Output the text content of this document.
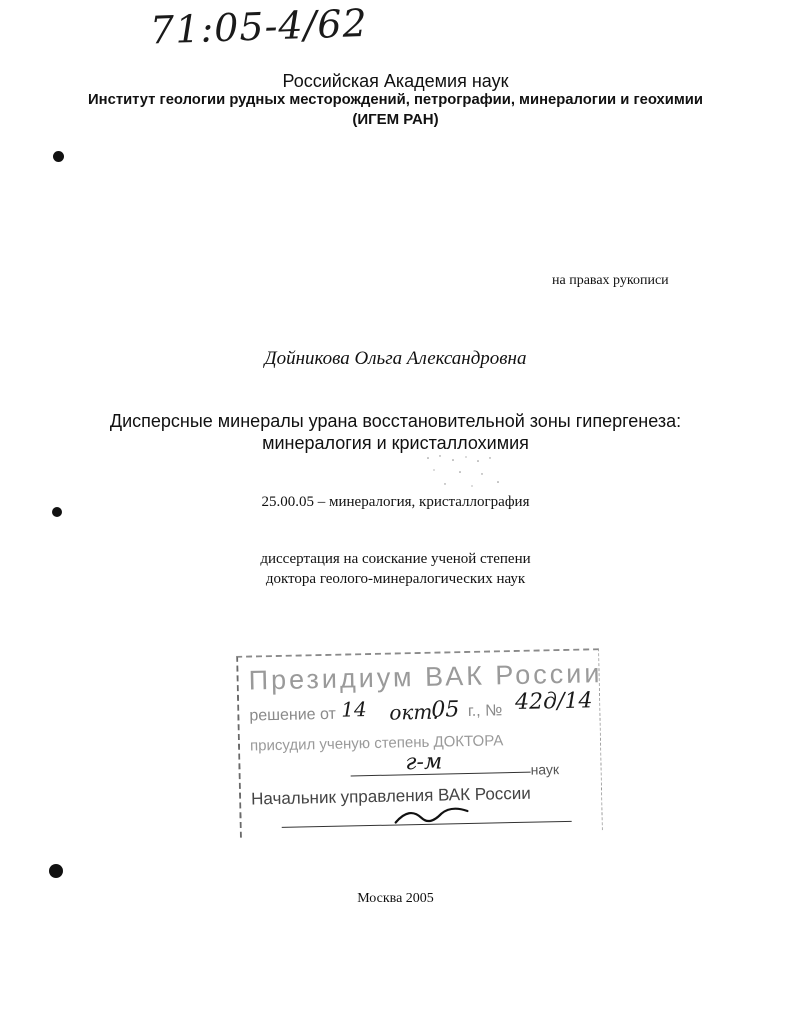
71:05-4/62

Российская Академия наук

Институт геологии рудных месторождений, петрографии, минералогии и геохимии

(ИГЕМ РАН)

на правах рукописи

Дойникова Ольга Александровна

Дисперсные минералы урана восстановительной зоны гипергенеза:

минералогия и кристаллохимия

25.00.05 – минералогия, кристаллография

диссертация на соискание ученой степени

доктора геолого-минералогических наук

Президиум ВАК России
решение от	г., №
присудил ученую степень ДОКТОРА
наук
Начальник управления ВАК России
14 окт.
05	42д/14
г-м

Москва 2005
